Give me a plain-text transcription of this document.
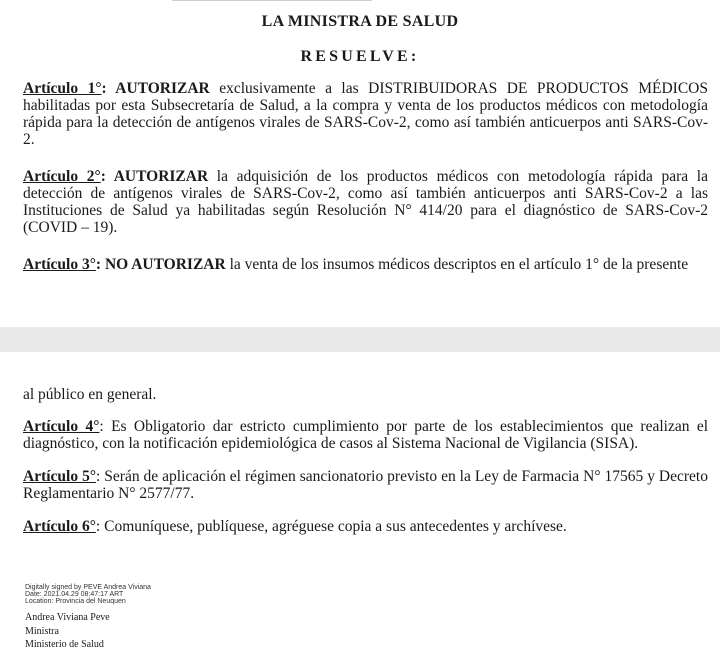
LA MINISTRA DE SALUD
RESUELVE:
Artículo 1°: AUTORIZAR exclusivamente a las DISTRIBUIDORAS DE PRODUCTOS MÉDICOS habilitadas por esta Subsecretaría de Salud, a la compra y venta de los productos médicos con metodología rápida para la detección de antígenos virales de SARS-Cov-2, como así también anticuerpos anti SARS-Cov-2.
Artículo 2°: AUTORIZAR la adquisición de los productos médicos con metodología rápida para la detección de antígenos virales de SARS-Cov-2, como así también anticuerpos anti SARS-Cov-2 a las Instituciones de Salud ya habilitadas según Resolución N° 414/20 para el diagnóstico de SARS-Cov-2 (COVID – 19).
Artículo 3°: NO AUTORIZAR la venta de los insumos médicos descriptos en el artículo 1° de la presente
al público en general.
Artículo 4°: Es Obligatorio dar estricto cumplimiento por parte de los establecimientos que realizan el diagnóstico, con la notificación epidemiológica de casos al Sistema Nacional de Vigilancia (SISA).
Artículo 5°: Serán de aplicación el régimen sancionatorio previsto en la Ley de Farmacia N° 17565 y Decreto Reglamentario N° 2577/77.
Artículo 6°: Comuníquese, publíquese, agréguese copia a sus antecedentes y archívese.
Digitally signed by PEVE Andrea Viviana
Date: 2021.04.29 08:47:17 ART
Location: Provincia del Neuquen
Andrea Viviana Peve
Ministra
Ministerio de Salud
